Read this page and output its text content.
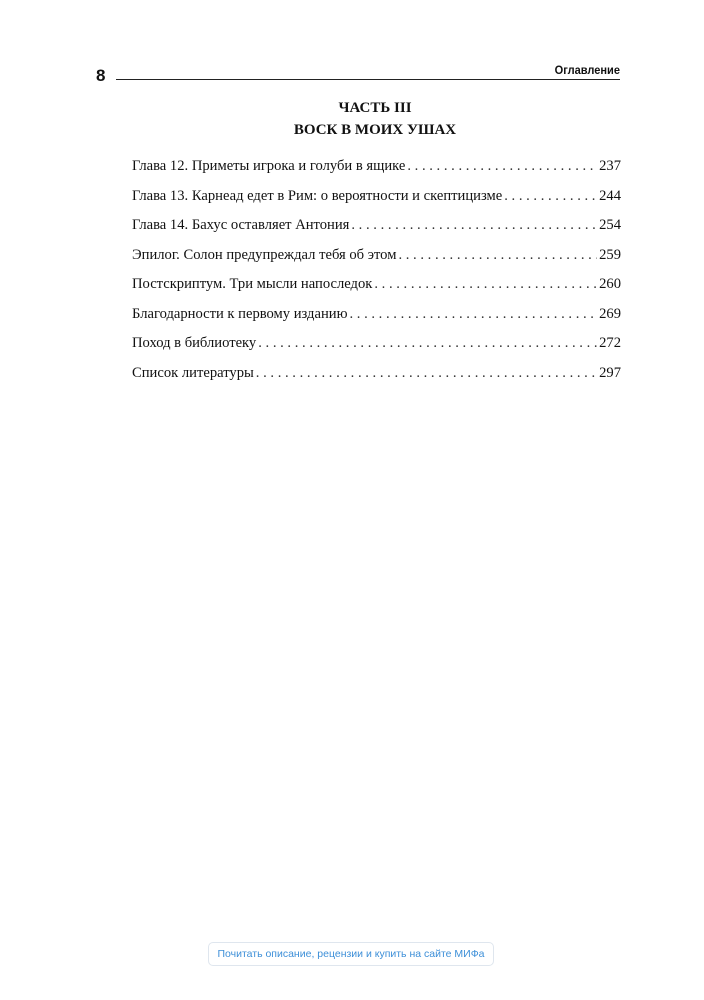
8	Оглавление
ЧАСТЬ III
ВОСК В МОИХ УШАХ
Глава 12. Приметы игрока и голуби в ящике . . .	237
Глава 13. Карнеад едет в Рим: о вероятности и скептицизме . . .	244
Глава 14. Бахус оставляет Антония . . .	254
Эпилог. Солон предупреждал тебя об этом . . .	259
Постскриптум. Три мысли напоследок . . .	260
Благодарности к первому изданию . . .	269
Поход в библиотеку . . .	272
Список литературы . . .	297
Почитать описание, рецензии и купить на сайте МИФа
